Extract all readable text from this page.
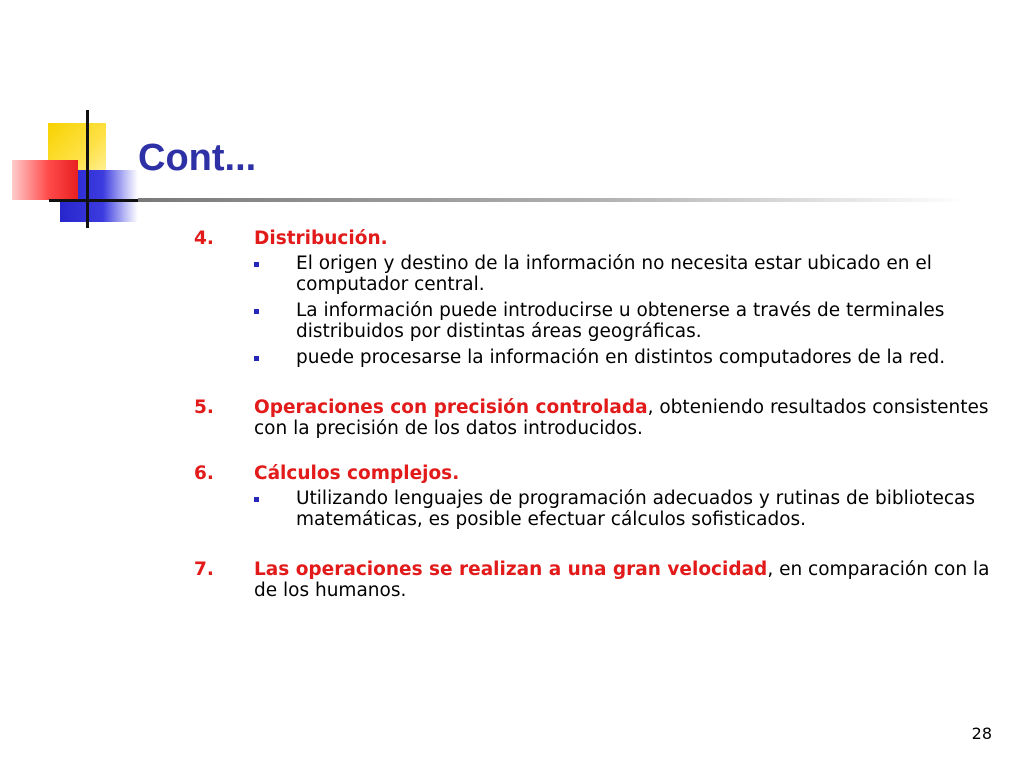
Cont...
4. Distribución.
El origen y destino de la información no necesita estar ubicado en el computador central.
La información puede introducirse u obtenerse a través de terminales distribuidos por distintas áreas geográficas.
puede procesarse la información en distintos computadores de la red.
5. Operaciones con precisión controlada, obteniendo resultados consistentes con la precisión de los datos introducidos.
6. Cálculos complejos.
Utilizando lenguajes de programación adecuados y rutinas de bibliotecas matemáticas, es posible efectuar cálculos sofisticados.
7. Las operaciones se realizan a una gran velocidad, en comparación con la de los humanos.
28
